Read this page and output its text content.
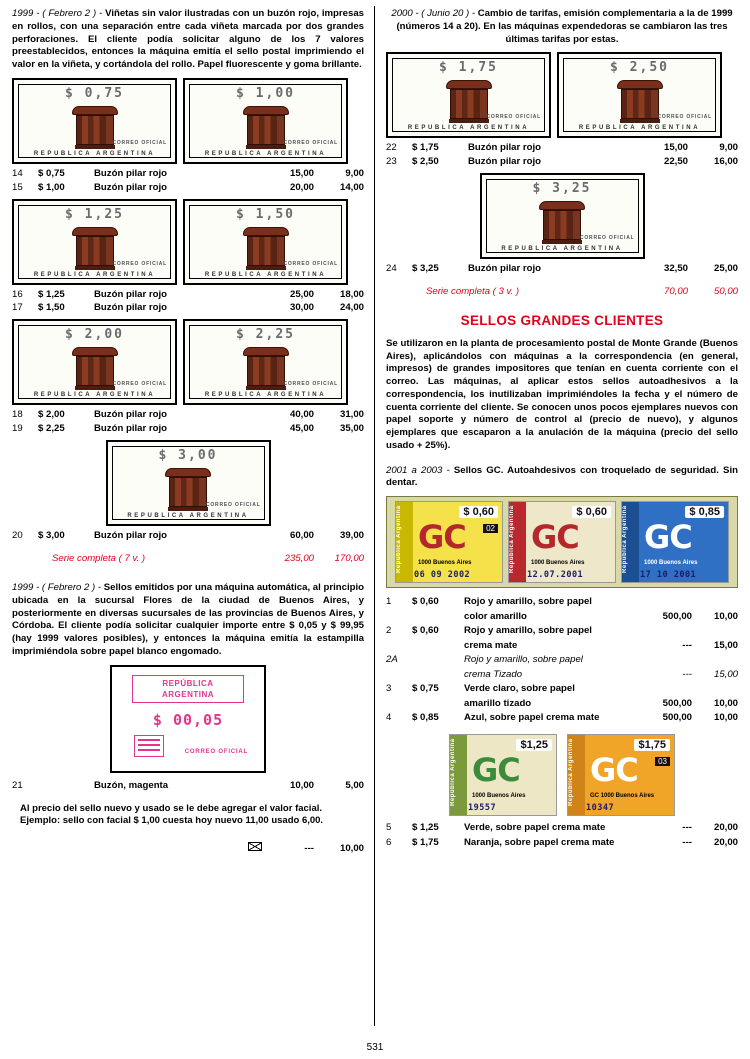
1999 - ( Febrero 2 ) - Viñetas sin valor ilustradas con un buzón rojo, impresas en rollos, con una separación entre cada viñeta marcada por dos grandes perforaciones. El cliente podía solicitar alguno de los 7 valores preestablecidos, entonces la máquina emitía el sello postal imprimiendo el valor en la viñeta, y cortándola del rollo. Papel fluorescente y goma brillante.

$ 0,75
CORREO OFICIAL
REPUBLICA ARGENTINA
$ 1,00
CORREO OFICIAL
REPUBLICA ARGENTINA
14	$ 0,75	Buzón pilar rojo	15,00	9,00
15	$ 1,00	Buzón pilar rojo	20,00	14,00
$ 1,25
CORREO OFICIAL
REPUBLICA ARGENTINA
$ 1,50
CORREO OFICIAL
REPUBLICA ARGENTINA
16	$ 1,25	Buzón pilar rojo	25,00	18,00
17	$ 1,50	Buzón pilar rojo	30,00	24,00
$ 2,00
CORREO OFICIAL
REPUBLICA ARGENTINA
$ 2,25
CORREO OFICIAL
REPUBLICA ARGENTINA
18	$ 2,00	Buzón pilar rojo	40,00	31,00
19	$ 2,25	Buzón pilar rojo	45,00	35,00
$ 3,00
CORREO OFICIAL
REPUBLICA ARGENTINA
20	$ 3,00	Buzón pilar rojo	60,00	39,00
Serie completa ( 7 v. )	235,00	170,00

1999 - ( Febrero 2 ) - Sellos emitidos por una máquina automática, al principio ubicada en la sucursal Flores de la ciudad de Buenos Aires, y posteriormente en diversas sucursales de las provincias de Buenos Aires, y Córdoba. El cliente podía solicitar cualquier importe entre $ 0,05 y $ 99,95 (hay 1999 valores posibles), y entonces la máquina emitía la estampilla imprimiéndola sobre papel blanco engomado.

REPÚBLICA
ARGENTINA
$ 00,05
CORREO OFICIAL
21	Buzón, magenta	10,00	5,00

Al precio del sello nuevo y usado se le debe agregar el valor facial. Ejemplo: sello con facial $ 1,00 cuesta hoy nuevo 11,00 usado 6,00.

---	10,00

2000 - ( Junio 20 ) - Cambio de tarifas, emisión complementaria a la de 1999 (números 14 a 20). En las máquinas expendedoras se cambiaron las tres últimas tarifas por estas.

$ 1,75
CORREO OFICIAL
REPUBLICA ARGENTINA
$ 2,50
CORREO OFICIAL
REPUBLICA ARGENTINA
22	$ 1,75	Buzón pilar rojo	15,00	9,00
23	$ 2,50	Buzón pilar rojo	22,50	16,00
$ 3,25
CORREO OFICIAL
REPUBLICA ARGENTINA
24	$ 3,25	Buzón pilar rojo	32,50	25,00
Serie completa ( 3 v. )	70,00	50,00
SELLOS GRANDES CLIENTES

Se utilizaron en la planta de procesamiento postal de Monte Grande (Buenos Aires), aplicándolos con máquinas a la correspondencia (en general, impresos) de grandes impositores que tenían en cuenta corriente con el correo. Las máquinas, al aplicar estos sellos autoadhesivos a la correspondencia, los inutilizaban imprimiéndoles la fecha y el número de cuenta corriente del cliente. Se conocen unos pocos ejemplares nuevos con papel soporte y número de control al (precio de nuevo), y algunos ejemplares que escaparon a la anulación de la máquina (precio del sello usado + 25%).

2001 a 2003 - Sellos GC. Autoahdesivos con troquelado de seguridad. Sin dentar.

República Argentina	$ 0,60
GC	02
1000 Buenos Aires
06 09 2002
República Argentina	$ 0,60
GC
1000 Buenos Aires
12.07.2001
República Argentina	$ 0,85
GC
1000 Buenos Aires
17 10 2001
1	$ 0,60	Rojo y amarillo, sobre papel
color amarillo	500,00	10,00
2	$ 0,60	Rojo y amarillo, sobre papel
crema mate	---	15,00
2A	Rojo y amarillo, sobre papel
crema Tizado	---	15,00
3	$ 0,75	Verde claro, sobre papel
amarillo tizado	500,00	10,00
4	$ 0,85	Azul, sobre papel crema mate	500,00	10,00
República Argentina	$1,25
GC
1000 Buenos Aires
19557
República Argentina	$1,75
GC	03
GC 1000 Buenos Aires
10347
5	$ 1,25	Verde, sobre papel crema mate	---	20,00
6	$ 1,75	Naranja, sobre papel crema mate	---	20,00
531
